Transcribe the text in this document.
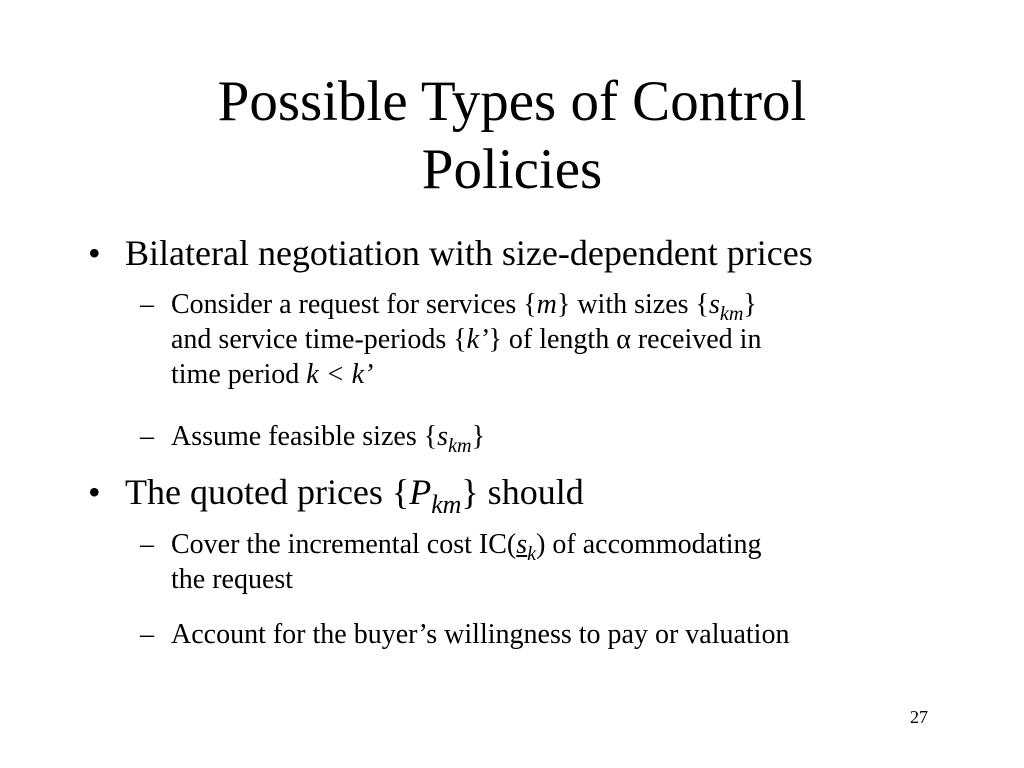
Possible Types of Control
Policies
• Bilateral negotiation with size-dependent prices
– Consider a request for services {m} with sizes $\{s_{km}\}$
and service time-periods {k’} of length α received in
time period k < k’
– Assume feasible sizes $\{s_{km}\}$
• The quoted prices $\{P_{km}\}$ should
– Cover the incremental cost $IC(s_k)$ of accommodating
the request
– Account for the buyer’s willingness to pay or valuation
27
